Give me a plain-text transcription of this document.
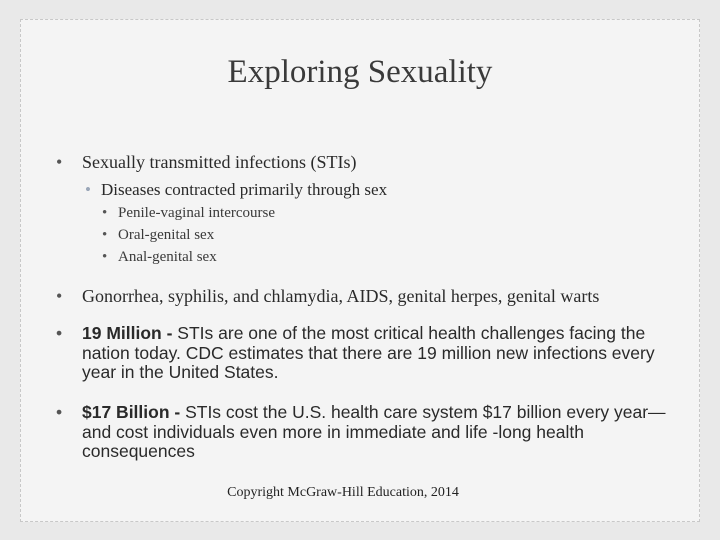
Exploring Sexuality
• Sexually transmitted infections (STIs)
• Diseases contracted primarily through sex
• Penile-vaginal intercourse
• Oral-genital sex
• Anal-genital sex
• Gonorrhea, syphilis, and chlamydia, AIDS, genital herpes, genital warts
• 19 Million - STIs are one of the most critical health challenges facing the nation today. CDC estimates that there are 19 million new infections every year in the United States.
• $17 Billion - STIs cost the U.S. health care system $17 billion every year—and cost individuals even more in immediate and life -long health consequences
Copyright McGraw-Hill Education, 2014
